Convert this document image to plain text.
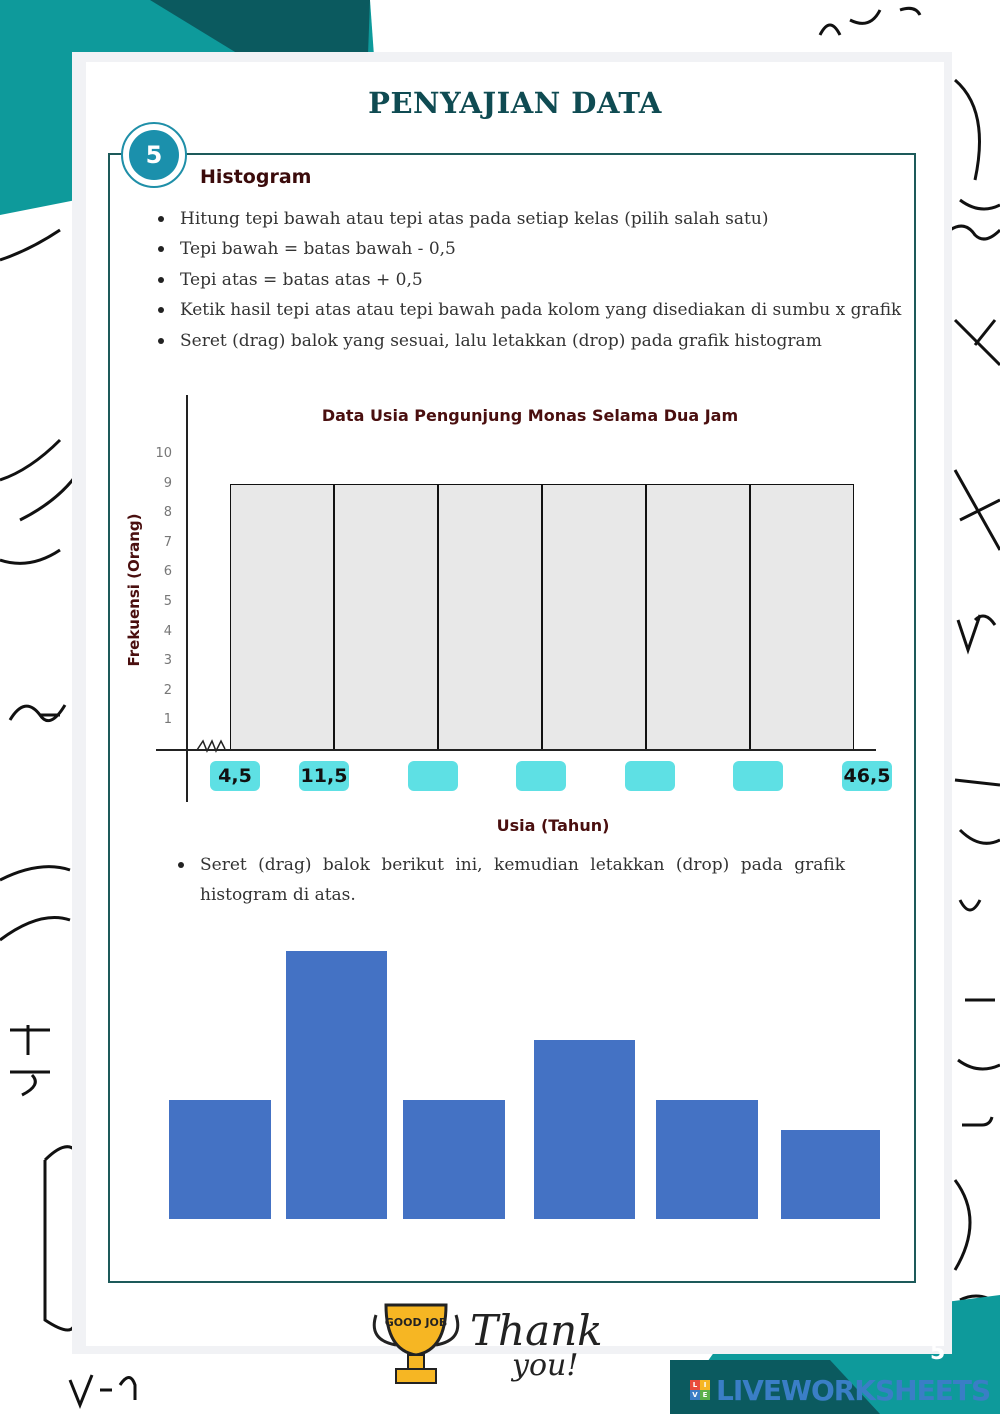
PENYAJIAN DATA
5
Histogram
Hitung tepi bawah atau tepi atas pada setiap kelas (pilih salah satu)
Tepi bawah = batas bawah - 0,5
Tepi atas = batas atas + 0,5
Ketik hasil tepi atas atau tepi bawah pada kolom yang disediakan di sumbu x grafik
Seret (drag) balok yang sesuai, lalu letakkan (drop) pada grafik histogram
Data Usia Pengunjung Monas Selama Dua Jam
Frekuensi (Orang)
Usia (Tahun)
1
2
3
4
5
6
7
8
9
10
4,5	11,5	46,5
Seret (drag) balok berikut ini, kemudian letakkan (drop) pada grafik histogram di atas.
GOOD JOB Thank
you!	5
L I
V E LIVEWORKSHEETS
